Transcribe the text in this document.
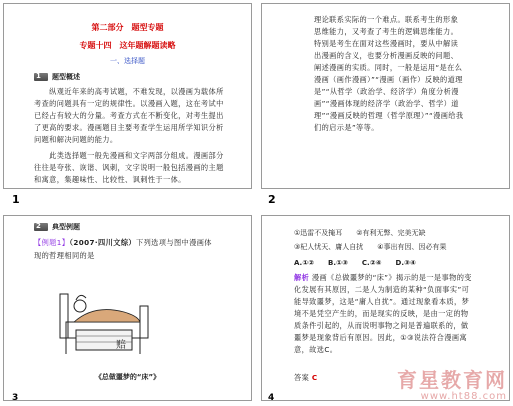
第二部分　题型专题
专题十四　这年题解题读略
一、选择题
1 题型概述
　　纵观近年来的高考试题，不难发现，以漫画为载体所考查的问题具有一定的规律性。以漫画入题，这在考试中已经占有较大的分量。考查方式在不断变化，对考生提出了更高的要求。漫画题目主要考查学生运用所学知识分析问题和解决问题的能力。
　　此类选择题一般先漫画和文字两部分组成。漫画部分往往是夸张、诙谐、讽刺，文字说明一般包括漫画的主题和寓意，集趣味性、比较性、讽刺性于一体。
1
理论联系实际的一个难点。联系考生的形象思维能力，又考查了考生的逻辑思维能力。特别是考生在面对这些漫画时，要从中解读出漫画的含义，也要分析漫画反映的问题、阐述漫画的实质。同时，一般是运用“是在么漫画（画作漫画）”“漫画（画作）反映的道理是”“从哲学（政治学、经济学）角度分析漫画”“漫画体现的经济学（政治学、哲学）道理”“漫画反映的哲理（哲学原理）”“漫画给我们的启示是”等等。
2
2 典型例题
【例题1】（2007·四川文综）下列选项与图中漫画体现的哲理相同的是
赔
《总做噩梦的“床”》
3
①迅雷不及掩耳　　②有利无弊、完美无缺
③杞人忧天、庸人自扰　　④事出有因、因必有果
A.①②　　B.①③　　C.②④　　D.③④
解析 漫画《总做噩梦的“床”》揭示的是一是事物的变化发展有其原因，二是人为制造的某种“负面事实”可能导致噩梦，这是“庸人自扰”。通过现象看本质，梦境不是凭空产生的，而是现实的反映，是由一定的物质条件引起的，从而说明事物之间是普遍联系的，做噩梦是现象背后有原因。因此，①③说法符合漫画寓意，故选C。
答案 C
4
育星教育网
www.ht88.com
